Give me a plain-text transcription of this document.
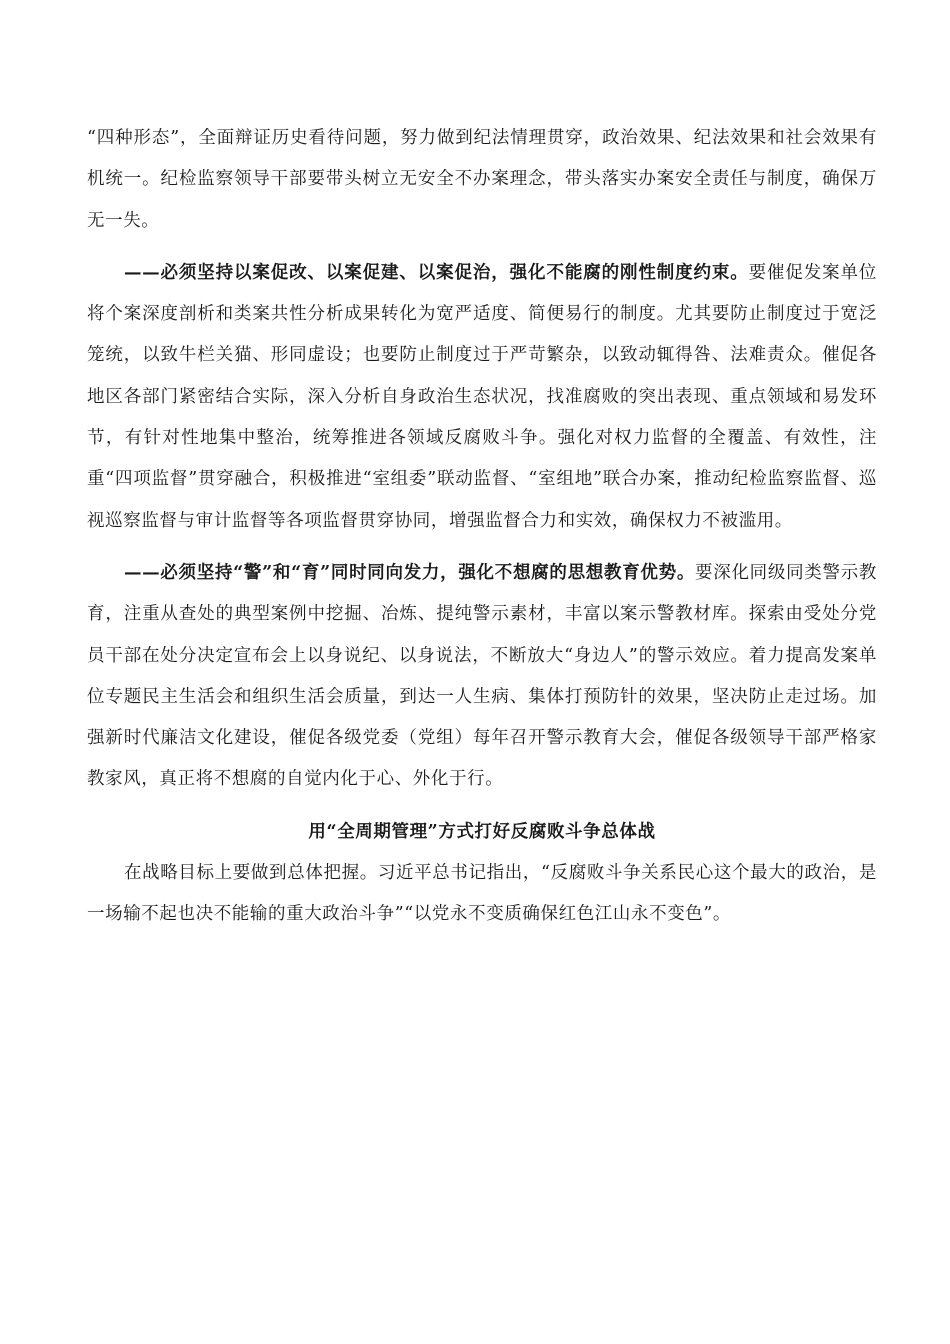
“四种形态”，全面辩证历史看待问题，努力做到纪法情理贯穿，政治效果、纪法效果和社会效果有机统一。纪检监察领导干部要带头树立无安全不办案理念，带头落实办案安全责任与制度，确保万无一失。

——必须坚持以案促改、以案促建、以案促治，强化不能腐的刚性制度约束。要催促发案单位将个案深度剖析和类案共性分析成果转化为宽严适度、简便易行的制度。尤其要防止制度过于宽泛笼统，以致牛栏关猫、形同虚设；也要防止制度过于严苛繁杂，以致动辄得咎、法难责众。催促各地区各部门紧密结合实际，深入分析自身政治生态状况，找准腐败的突出表现、重点领域和易发环节，有针对性地集中整治，统筹推进各领域反腐败斗争。强化对权力监督的全覆盖、有效性，注重“四项监督”贯穿融合，积极推进“室组委”联动监督、“室组地”联合办案，推动纪检监察监督、巡视巡察监督与审计监督等各项监督贯穿协同，增强监督合力和实效，确保权力不被滥用。

——必须坚持“警”和“育”同时同向发力，强化不想腐的思想教育优势。要深化同级同类警示教育，注重从查处的典型案例中挖掘、冶炼、提纯警示素材，丰富以案示警教材库。探索由受处分党员干部在处分决定宣布会上以身说纪、以身说法，不断放大“身边人”的警示效应。着力提高发案单位专题民主生活会和组织生活会质量，到达一人生病、集体打预防针的效果，坚决防止走过场。加强新时代廉洁文化建设，催促各级党委（党组）每年召开警示教育大会，催促各级领导干部严格家教家风，真正将不想腐的自觉内化于心、外化于行。

用“全周期管理”方式打好反腐败斗争总体战

在战略目标上要做到总体把握。习近平总书记指出，“反腐败斗争关系民心这个最大的政治，是一场输不起也决不能输的重大政治斗争”“以党永不变质确保红色江山永不变色”。
